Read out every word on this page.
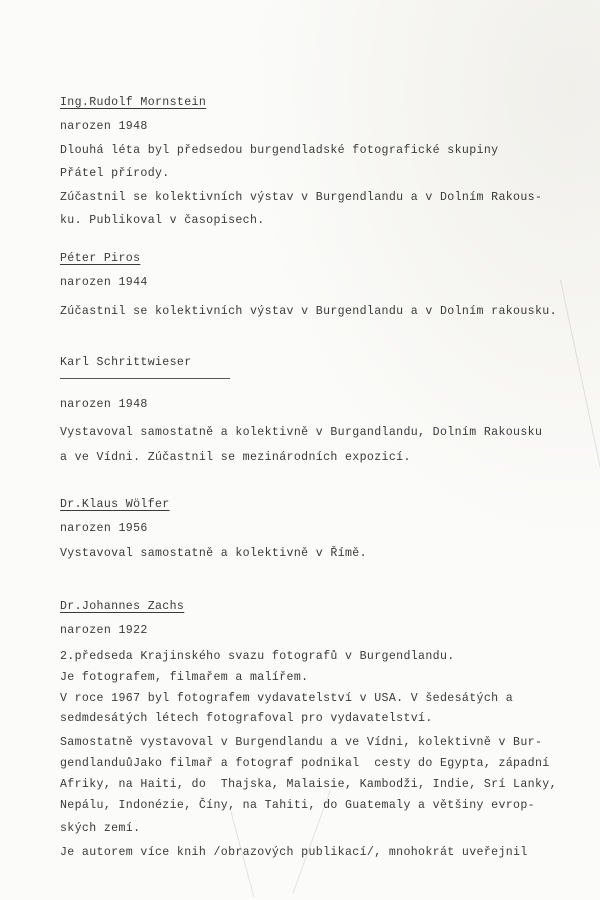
Ing.Rudolf Mornstein
narozen 1948
Dlouhá léta byl předsedou burgendladské fotografické skupiny
Přátel přírody.
Zúčastnil se kolektivních výstav v Burgendlandu a v Dolním Rakous-
ku. Publikoval v časopisech.
Péter Piros
narozen 1944
Zúčastnil se kolektivních výstav v Burgendlandu a v Dolním rakousku.
Karl Schrittwieser
narozen 1948
Vystavoval samostatně a kolektivně v Burgandlandu, Dolním Rakousku
a ve Vídni. Zúčastnil se mezinárodních expozicí.
Dr.Klaus Wölfer
narozen 1956
Vystavoval samostatně a kolektivně v Římě.
Dr.Johannes Zachs
narozen 1922
2.předseda Krajinského svazu fotografů v Burgendlandu.
Je fotografem, filmařem a malířem.
V roce 1967 byl fotografem vydavatelství v USA. V šedesátých a
sedmdesátých létech fotografoval pro vydavatelství.
Samostatně vystavoval v Burgendlandu a ve Vídni, kolektivně v Bur-
gendlanduůJako filmař a fotograf podnikal  cesty do Egypta, západní
Afriky, na Haiti, do  Thajska, Malaisie, Kambodži, Indie, Srí Lanky,
Nepálu, Indonézie, Číny, na Tahiti, do Guatemaly a většiny evrop-
ských zemí.
Je autorem více knih /obrazových publikací/, mnohokrát uveřejnil
